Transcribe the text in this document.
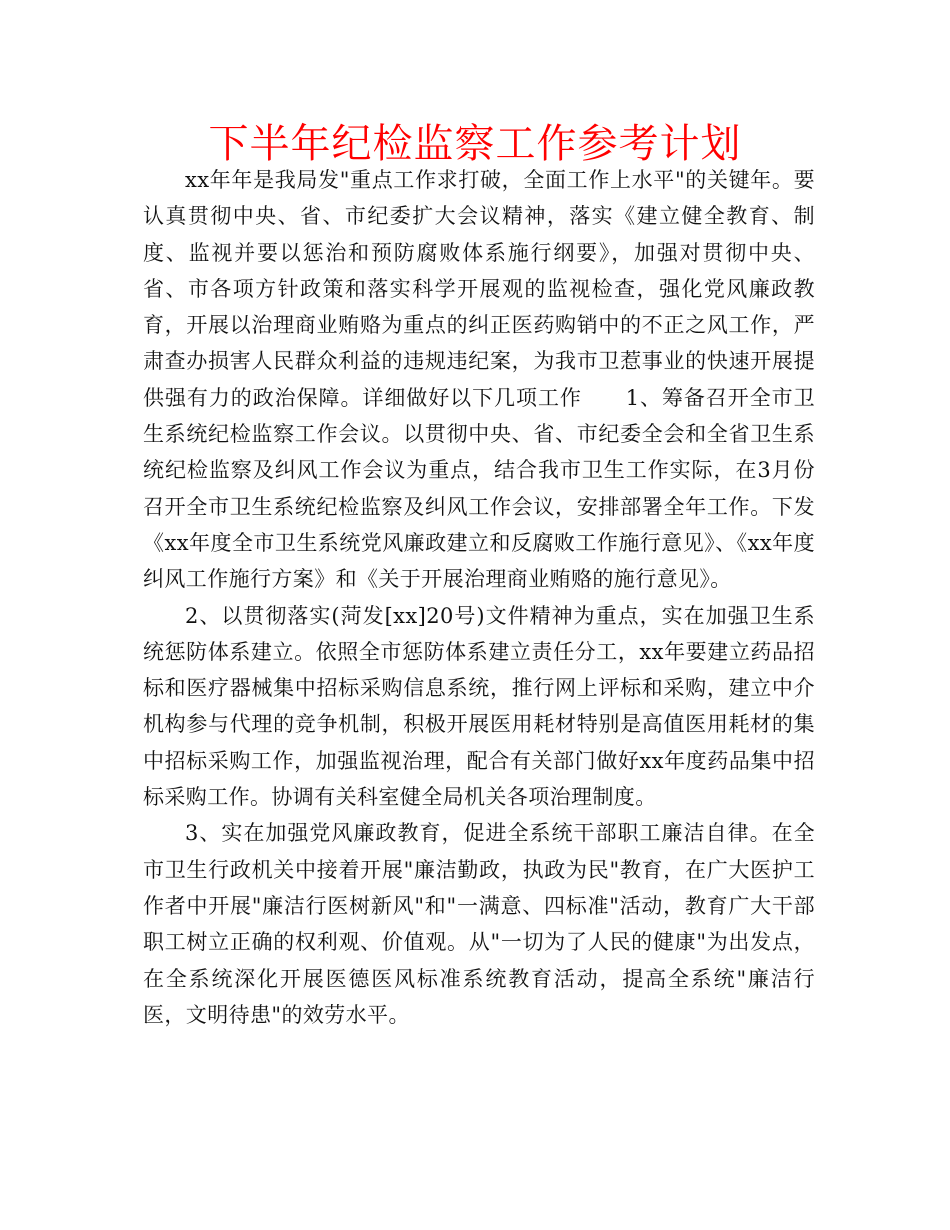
下半年纪检监察工作参考计划

xx年年是我局发"重点工作求打破，全面工作上水平"的关键年。要认真贯彻中央、省、市纪委扩大会议精神，落实《建立健全教育、制度、监视并要以惩治和预防腐败体系施行纲要》，加强对贯彻中央、省、市各项方针政策和落实科学开展观的监视检查，强化党风廉政教育，开展以治理商业贿赂为重点的纠正医药购销中的不正之风工作，严肃查办损害人民群众利益的违规违纪案，为我市卫惹事业的快速开展提供强有力的政治保障。详细做好以下几项工作　　1、筹备召开全市卫生系统纪检监察工作会议。以贯彻中央、省、市纪委全会和全省卫生系统纪检监察及纠风工作会议为重点，结合我市卫生工作实际，在3月份召开全市卫生系统纪检监察及纠风工作会议，安排部署全年工作。下发《xx年度全市卫生系统党风廉政建立和反腐败工作施行意见》、《xx年度纠风工作施行方案》和《关于开展治理商业贿赂的施行意见》。

2、以贯彻落实(菏发[xx]20号)文件精神为重点，实在加强卫生系统惩防体系建立。依照全市惩防体系建立责任分工，xx年要建立药品招标和医疗器械集中招标采购信息系统，推行网上评标和采购，建立中介机构参与代理的竞争机制，积极开展医用耗材特别是高值医用耗材的集中招标采购工作，加强监视治理，配合有关部门做好xx年度药品集中招标采购工作。协调有关科室健全局机关各项治理制度。

3、实在加强党风廉政教育，促进全系统干部职工廉洁自律。在全市卫生行政机关中接着开展"廉洁勤政，执政为民"教育，在广大医护工作者中开展"廉洁行医树新风"和"一满意、四标准"活动，教育广大干部职工树立正确的权利观、价值观。从"一切为了人民的健康"为出发点，在全系统深化开展医德医风标准系统教育活动，提高全系统"廉洁行医，文明待患"的效劳水平。
